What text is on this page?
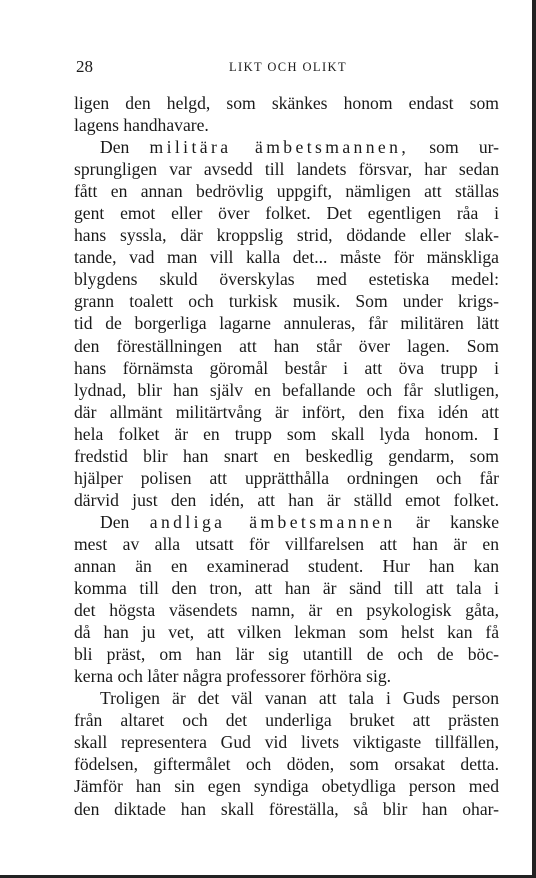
28	LIKT OCH OLIKT
ligen den helgd, som skänkes honom endast som
lagens handhavare.
Den militära ämbetsmannen, som ur-
sprungligen var avsedd till landets försvar, har sedan
fått en annan bedrövlig uppgift, nämligen att ställas
gent emot eller över folket. Det egentligen råa i
hans syssla, där kroppslig strid, dödande eller slak-
tande, vad man vill kalla det... måste för mänskliga
blygdens skuld överskylas med estetiska medel:
grann toalett och turkisk musik. Som under krigs-
tid de borgerliga lagarne annuleras, får militären lätt
den föreställningen att han står över lagen. Som
hans förnämsta göromål består i att öva trupp i
lydnad, blir han själv en befallande och får slutligen,
där allmänt militärtvång är infört, den fixa idén att
hela folket är en trupp som skall lyda honom. I
fredstid blir han snart en beskedlig gendarm, som
hjälper polisen att upprätthålla ordningen och får
därvid just den idén, att han är ställd emot folket.
Den andliga ämbetsmannen är kanske
mest av alla utsatt för villfarelsen att han är en
annan än en examinerad student. Hur han kan
komma till den tron, att han är sänd till att tala i
det högsta väsendets namn, är en psykologisk gåta,
då han ju vet, att vilken lekman som helst kan få
bli präst, om han lär sig utantill de och de böc-
kerna och låter några professorer förhöra sig.
Troligen är det väl vanan att tala i Guds person
från altaret och det underliga bruket att prästen
skall representera Gud vid livets viktigaste tillfällen,
födelsen, giftermålet och döden, som orsakat detta.
Jämför han sin egen syndiga obetydliga person med
den diktade han skall föreställa, så blir han ohar-
